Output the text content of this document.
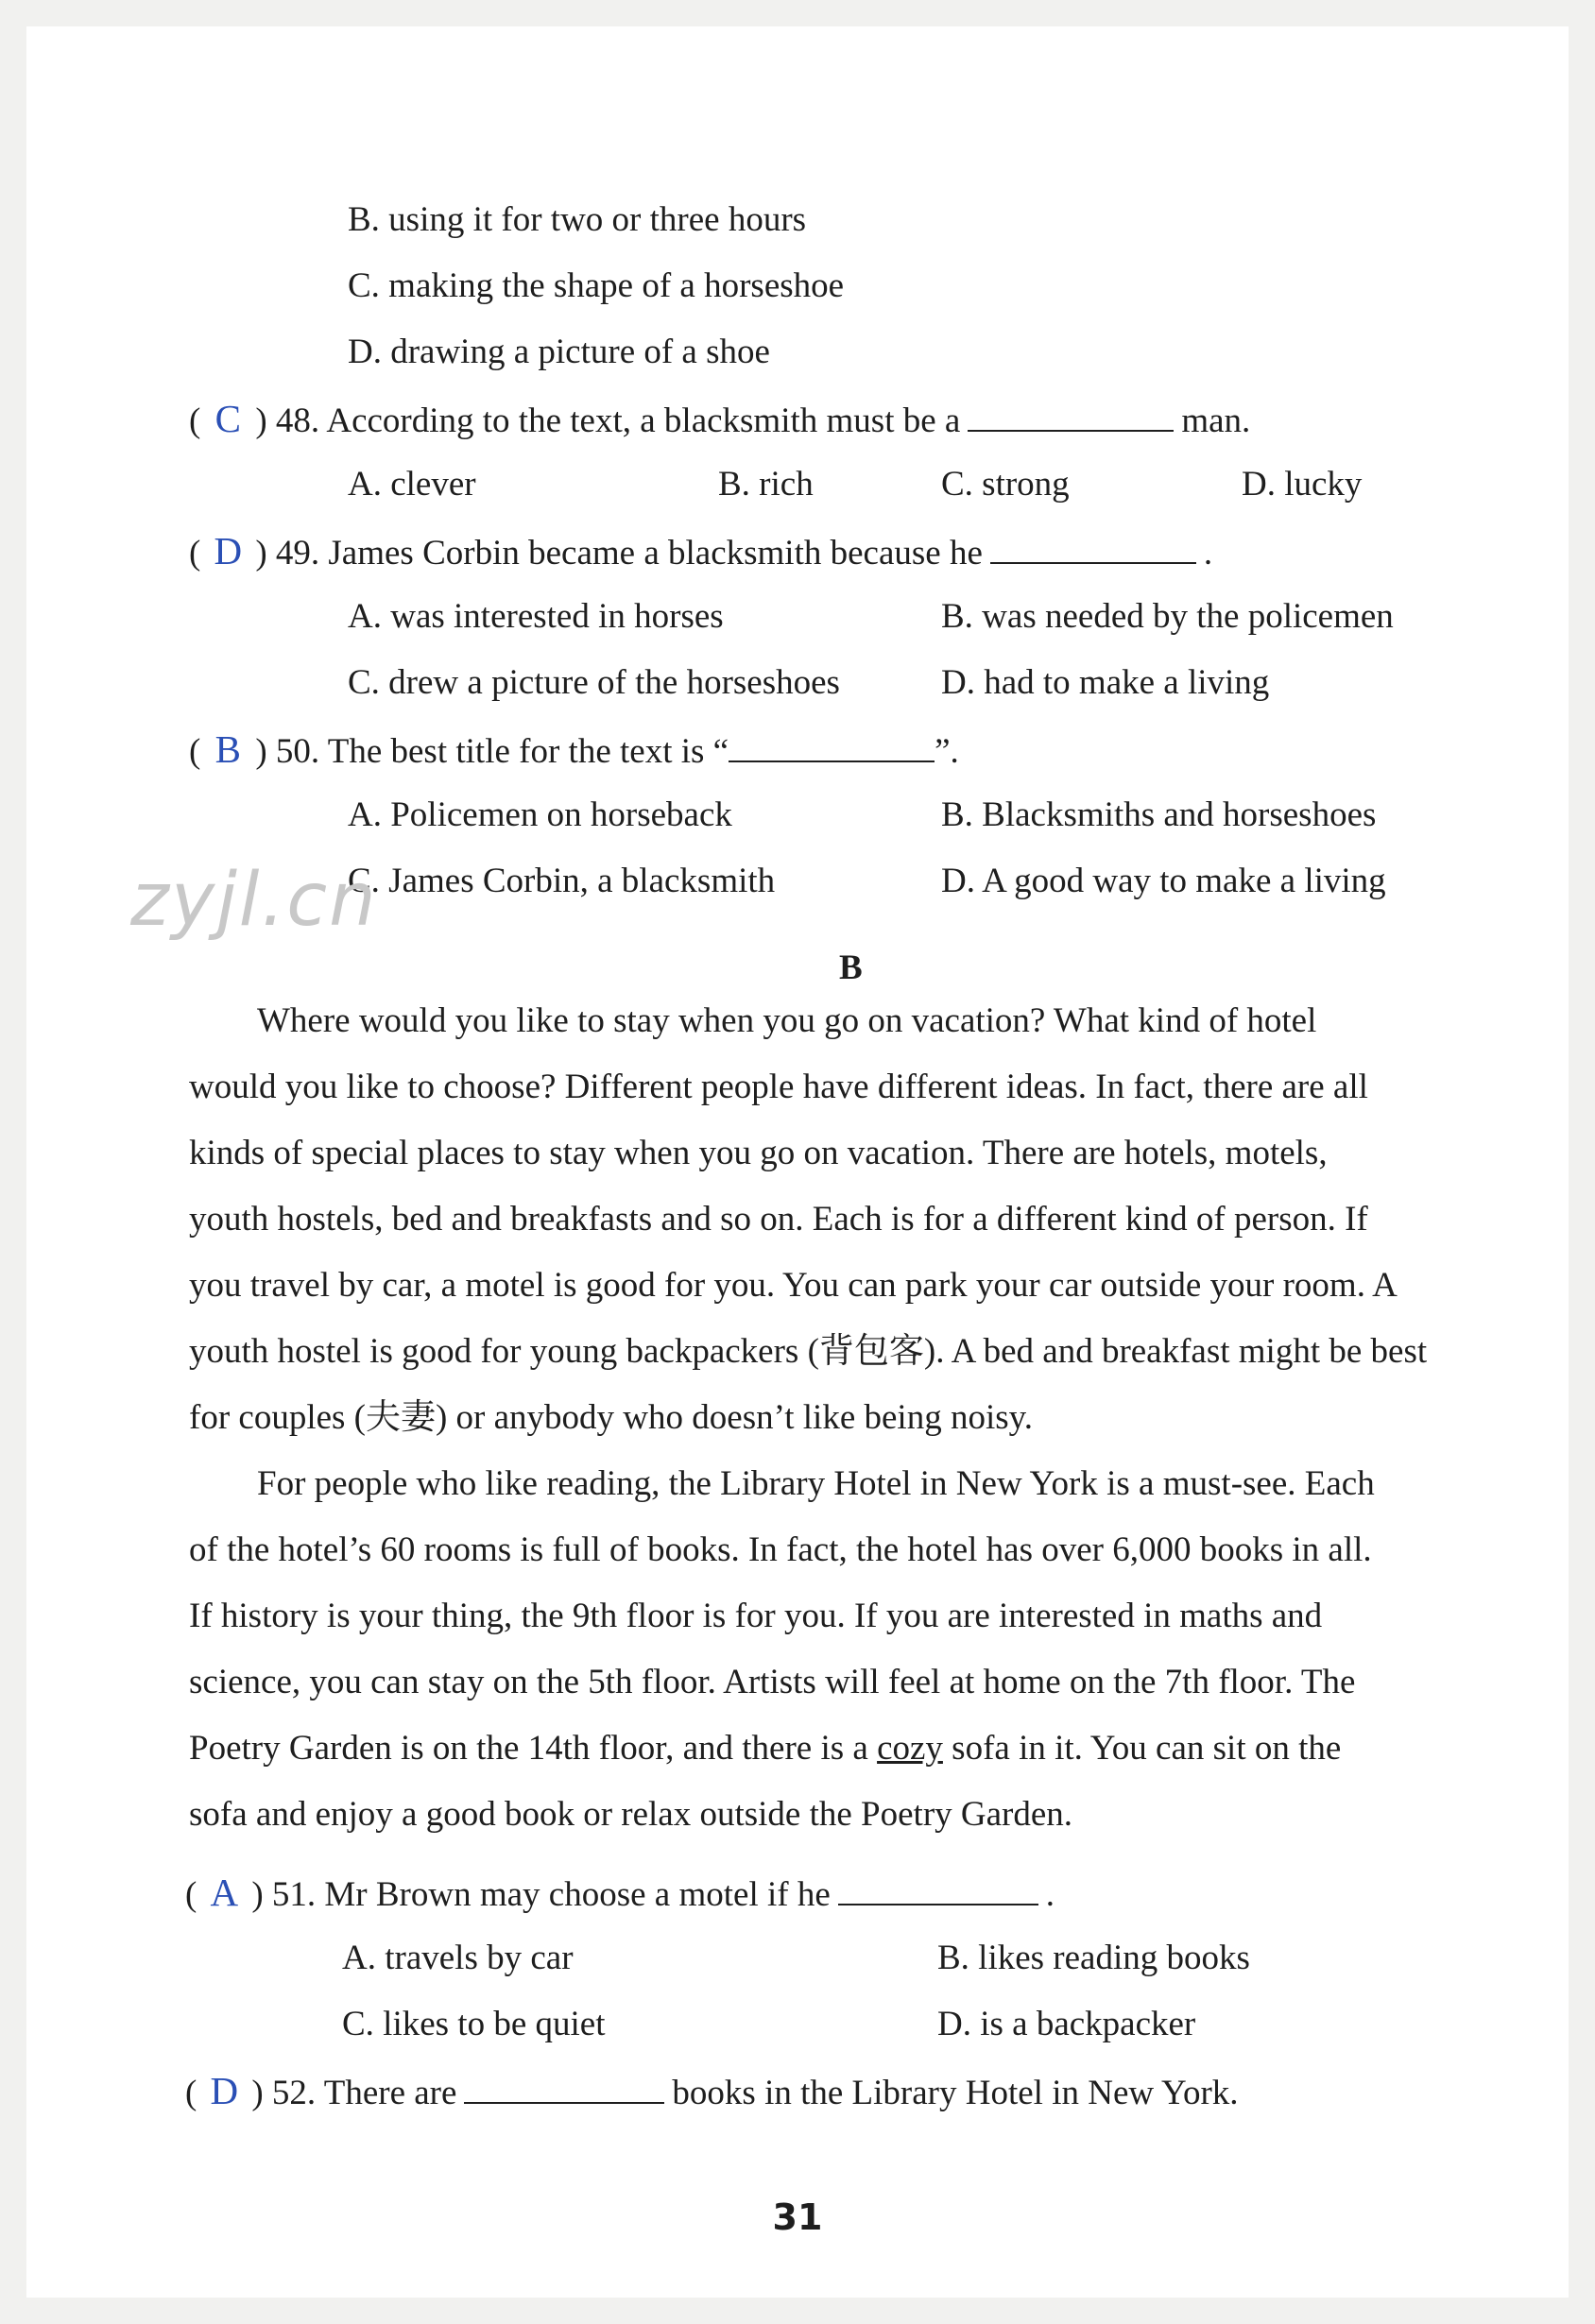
B. using it for two or three hours
C. making the shape of a horseshoe
D. drawing a picture of a shoe
( C ) 48. According to the text, a blacksmith must be a	man.
A. clever	B. rich	C. strong	D. lucky
( D ) 49. James Corbin became a blacksmith because he	.
A. was interested in horses	B. was needed by the policemen
C. drew a picture of the horseshoes	D. had to make a living
( B ) 50. The best title for the text is “	”.
A. Policemen on horseback	B. Blacksmiths and horseshoes
C. James Corbin, a blacksmith	D. A good way to make a living
zyjl.cn
B

Where would you like to stay when you go on vacation? What kind of hotel

would you like to choose? Different people have different ideas. In fact, there are all

kinds of special places to stay when you go on vacation. There are hotels, motels,

youth hostels, bed and breakfasts and so on. Each is for a different kind of person. If

you travel by car, a motel is good for you. You can park your car outside your room. A

youth hostel is good for young backpackers (背包客). A bed and breakfast might be best

for couples (夫妻) or anybody who doesn’t like being noisy.

For people who like reading, the Library Hotel in New York is a must-see. Each

of the hotel’s 60 rooms is full of books. In fact, the hotel has over 6,000 books in all.

If history is your thing, the 9th floor is for you. If you are interested in maths and

science, you can stay on the 5th floor. Artists will feel at home on the 7th floor. The

Poetry Garden is on the 14th floor, and there is a cozy sofa in it. You can sit on the

sofa and enjoy a good book or relax outside the Poetry Garden.

( A ) 51. Mr Brown may choose a motel if he	.
A. travels by car	B. likes reading books
C. likes to be quiet	D. is a backpacker
( D ) 52. There are	books in the Library Hotel in New York.
31
